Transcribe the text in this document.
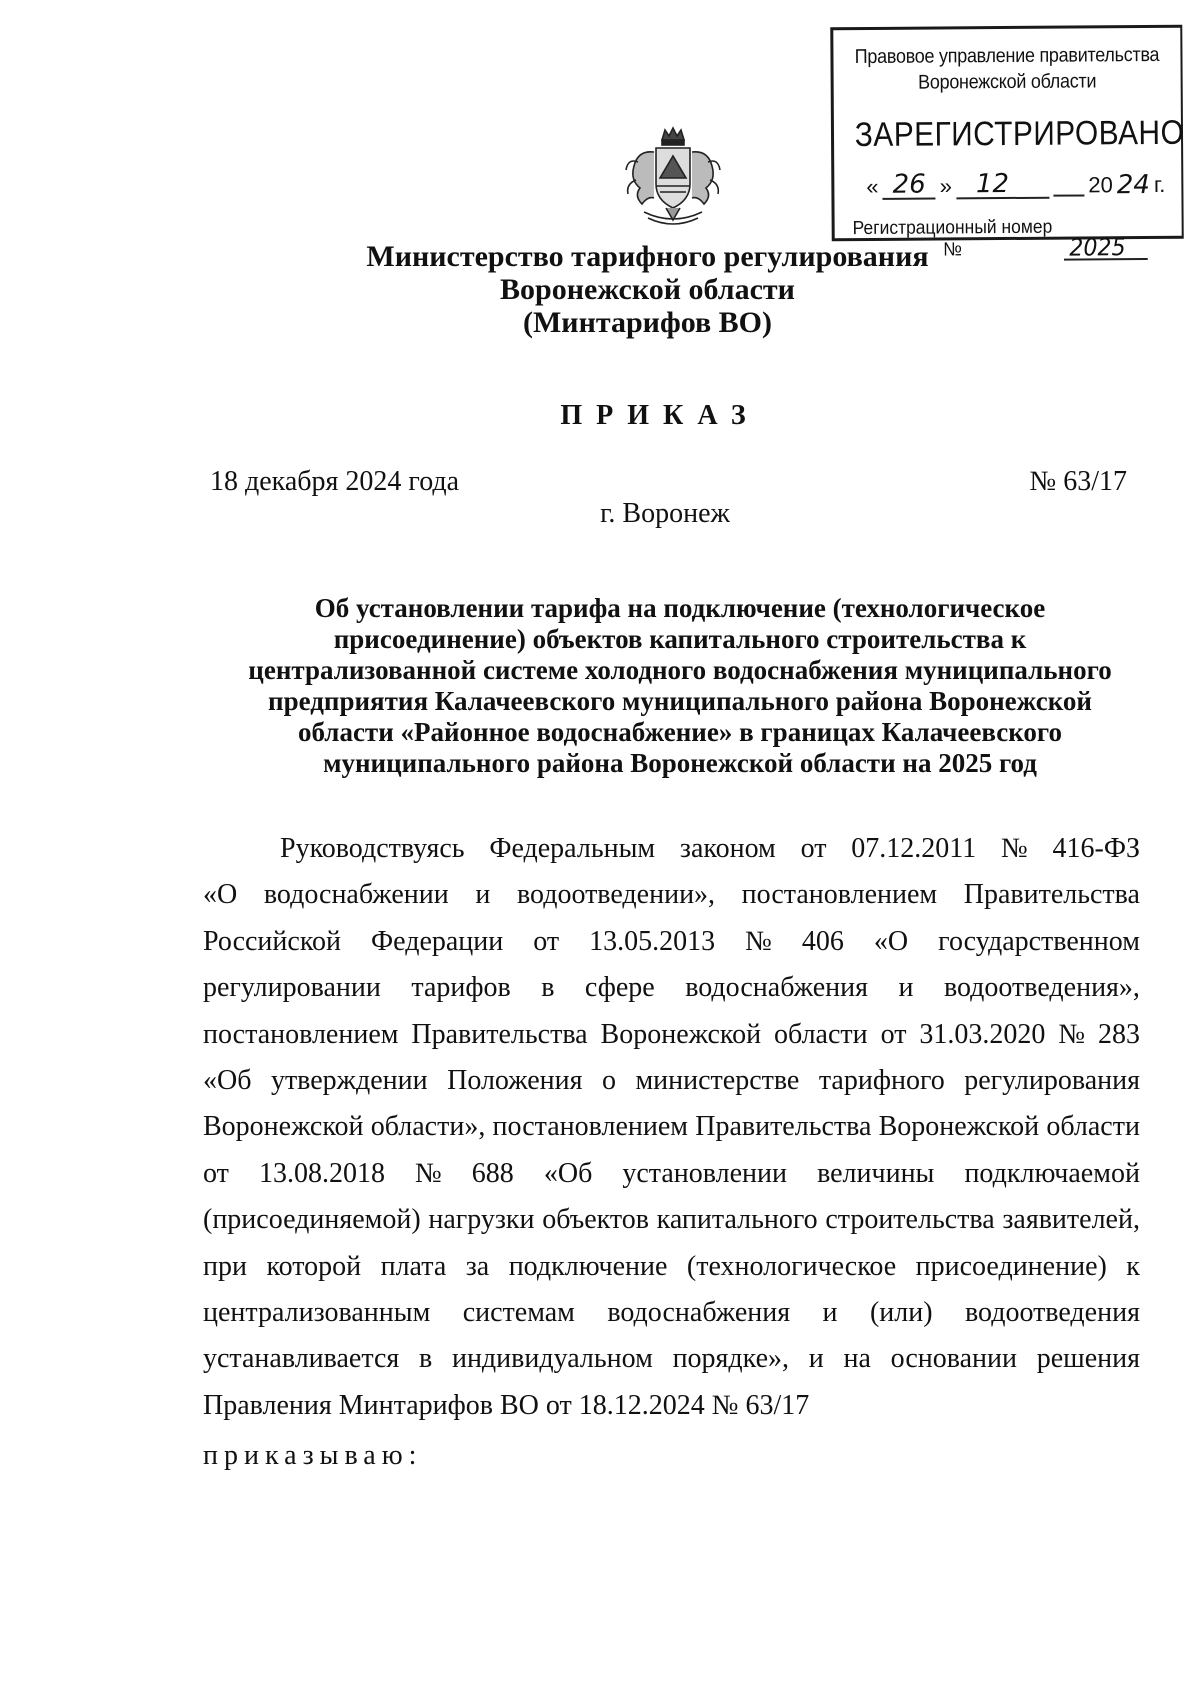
Правовое управление правительства
Воронежской области
ЗАРЕГИСТРИРОВАНО
« 26 » 12	20 24 г.
Регистрационный номер №	2025
Министерство тарифного регулирования
Воронежской области
(Минтарифов ВО)
ПРИКАЗ
18 декабря 2024 года	№ 63/17
г. Воронеж
Об установлении тарифа на подключение (технологическое
присоединение) объектов капитального строительства к
централизованной системе холодного водоснабжения муниципального
предприятия Калачеевского муниципального района Воронежской
области «Районное водоснабжение» в границах Калачеевского
муниципального района Воронежской области на 2025 год
Руководствуясь Федеральным законом от 07.12.2011 № 416-ФЗ
«О водоснабжении и водоотведении», постановлением Правительства
Российской Федерации от 13.05.2013 № 406 «О государственном
регулировании тарифов в сфере водоснабжения и водоотведения»,
постановлением Правительства Воронежской области от 31.03.2020 № 283
«Об утверждении Положения о министерстве тарифного регулирования
Воронежской области», постановлением Правительства Воронежской области
от 13.08.2018 № 688 «Об установлении величины подключаемой
(присоединяемой) нагрузки объектов капитального строительства заявителей,
при которой плата за подключение (технологическое присоединение) к
централизованным системам водоснабжения и (или) водоотведения
устанавливается в индивидуальном порядке», и на основании решения
Правления Минтарифов ВО от 18.12.2024 № 63/17
приказываю:
